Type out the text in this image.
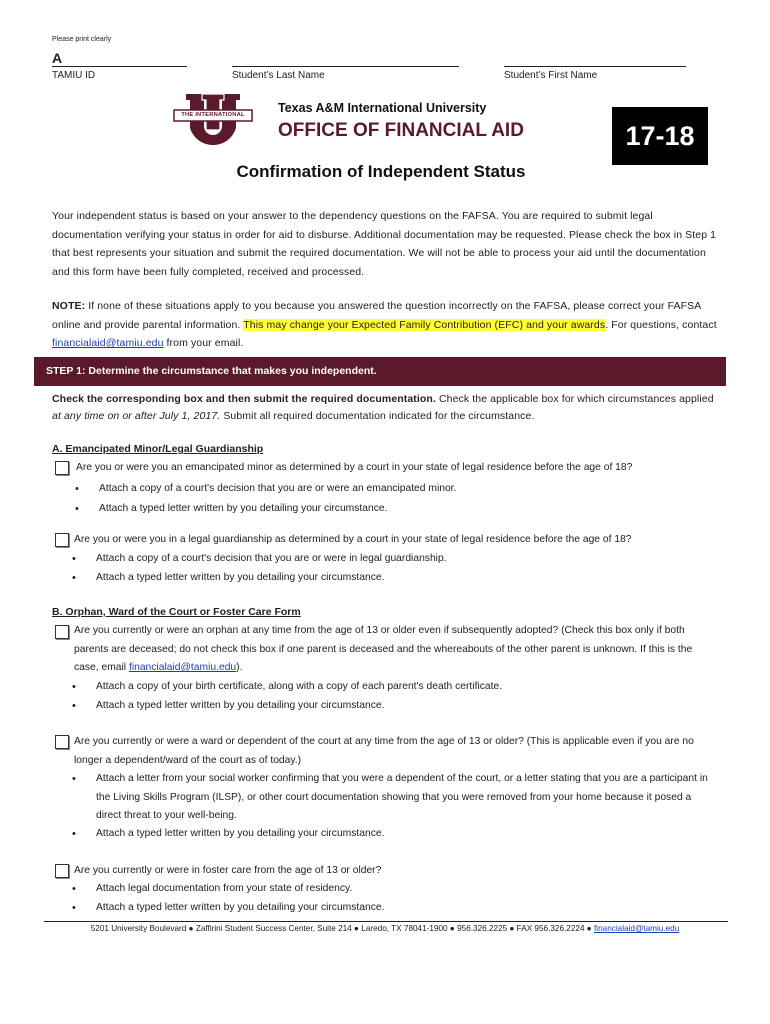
Please print clearly
A
TAMIU ID	Student’s Last Name	Student’s First Name
THE INTERNATIONAL	Texas A&M International University
OFFICE OF FINANCIAL AID	17-18
Confirmation of Independent Status
Your independent status is based on your answer to the dependency questions on the FAFSA. You are required to submit legal documentation verifying your status in order for aid to disburse. Additional documentation may be requested. Please check the box in Step 1 that best represents your situation and submit the required documentation. We will not be able to process your aid until the documentation and this form have been fully completed, received and processed.
NOTE: If none of these situations apply to you because you answered the question incorrectly on the FAFSA, please correct your FAFSA online and provide parental information. This may change your Expected Family Contribution (EFC) and your awards. For questions, contact financialaid@tamiu.edu from your email.
STEP 1: Determine the circumstance that makes you independent.
Check the corresponding box and then submit the required documentation. Check the applicable box for which circumstances applied at any time on or after July 1, 2017. Submit all required documentation indicated for the circumstance.
A. Emancipated Minor/Legal Guardianship
Are you or were you an emancipated minor as determined by a court in your state of legal residence before the age of 18?
• Attach a copy of a court's decision that you are or were an emancipated minor.
• Attach a typed letter written by you detailing your circumstance.
Are you or were you in a legal guardianship as determined by a court in your state of legal residence before the age of 18?
• Attach a copy of a court's decision that you are or were in legal guardianship.
• Attach a typed letter written by you detailing your circumstance.
B. Orphan, Ward of the Court or Foster Care Form
Are you currently or were an orphan at any time from the age of 13 or older even if subsequently adopted? (Check this box only if both parents are deceased; do not check this box if one parent is deceased and the whereabouts of the other parent is unknown. If this is the case, email financialaid@tamiu.edu).
• Attach a copy of your birth certificate, along with a copy of each parent's death certificate.
• Attach a typed letter written by you detailing your circumstance.
Are you currently or were a ward or dependent of the court at any time from the age of 13 or older? (This is applicable even if you are no longer a dependent/ward of the court as of today.)
• Attach a letter from your social worker confirming that you were a dependent of the court, or a letter stating that you are a participant in the Living Skills Program (ILSP), or other court documentation showing that you were removed from your home because it posed a direct threat to your well-being.
• Attach a typed letter written by you detailing your circumstance.
Are you currently or were in foster care from the age of 13 or older?
• Attach legal documentation from your state of residency.
• Attach a typed letter written by you detailing your circumstance.
5201 University Boulevard ● Zaffirini Student Success Center, Suite 214 ● Laredo, TX 78041-1900 ● 956.326.2225 ● FAX 956.326.2224 ● financialaid@tamiu.edu
